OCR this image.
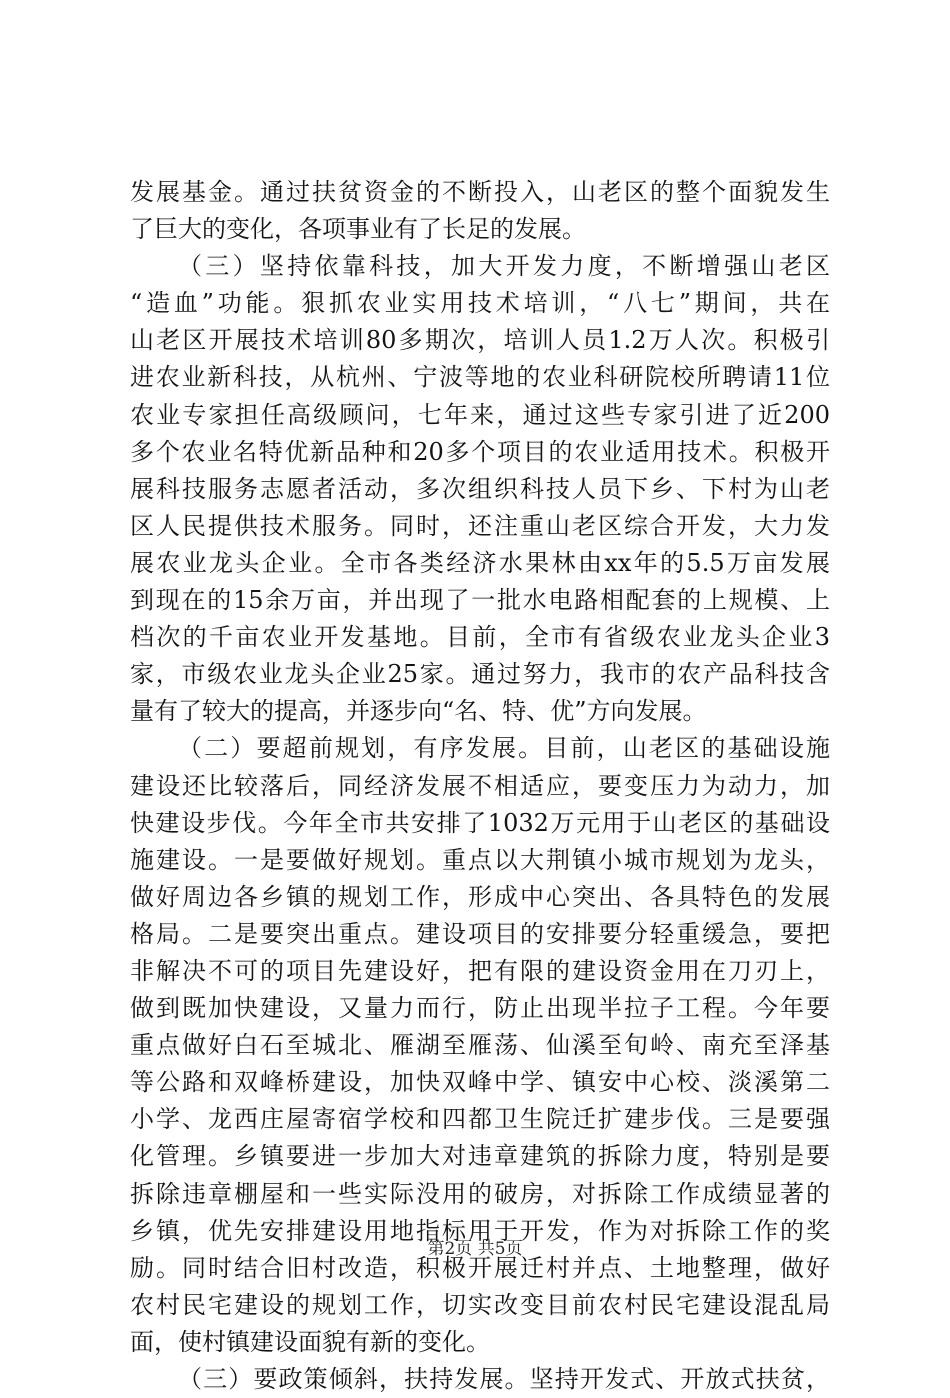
发展基金。通过扶贫资金的不断投入，山老区的整个面貌发生
了巨大的变化，各项事业有了长足的发展。
（三）坚持依靠科技，加大开发力度，不断增强山老区
“造血”功能。狠抓农业实用技术培训，“八七”期间，共在
山老区开展技术培训80多期次，培训人员1.2万人次。积极引
进农业新科技，从杭州、宁波等地的农业科研院校所聘请11位
农业专家担任高级顾问，七年来，通过这些专家引进了近200
多个农业名特优新品种和20多个项目的农业适用技术。积极开
展科技服务志愿者活动，多次组织科技人员下乡、下村为山老
区人民提供技术服务。同时，还注重山老区综合开发，大力发
展农业龙头企业。全市各类经济水果林由xx年的5.5万亩发展
到现在的15余万亩，并出现了一批水电路相配套的上规模、上
档次的千亩农业开发基地。目前，全市有省级农业龙头企业3
家，市级农业龙头企业25家。通过努力，我市的农产品科技含
量有了较大的提高，并逐步向“名、特、优”方向发展。
（二）要超前规划，有序发展。目前，山老区的基础设施
建设还比较落后，同经济发展不相适应，要变压力为动力，加
快建设步伐。今年全市共安排了1032万元用于山老区的基础设
施建设。一是要做好规划。重点以大荆镇小城市规划为龙头，
做好周边各乡镇的规划工作，形成中心突出、各具特色的发展
格局。二是要突出重点。建设项目的安排要分轻重缓急，要把
非解决不可的项目先建设好，把有限的建设资金用在刀刃上，
做到既加快建设，又量力而行，防止出现半拉子工程。今年要
重点做好白石至城北、雁湖至雁荡、仙溪至旬岭、南充至泽基
等公路和双峰桥建设，加快双峰中学、镇安中心校、淡溪第二
小学、龙西庄屋寄宿学校和四都卫生院迁扩建步伐。三是要强
化管理。乡镇要进一步加大对违章建筑的拆除力度，特别是要
拆除违章棚屋和一些实际没用的破房，对拆除工作成绩显著的
乡镇，优先安排建设用地指标用于开发，作为对拆除工作的奖
励。同时结合旧村改造，积极开展迁村并点、土地整理，做好
农村民宅建设的规划工作，切实改变目前农村民宅建设混乱局
面，使村镇建设面貌有新的变化。
（三）要政策倾斜，扶持发展。坚持开发式、开放式扶贫，
第2页 共5页
